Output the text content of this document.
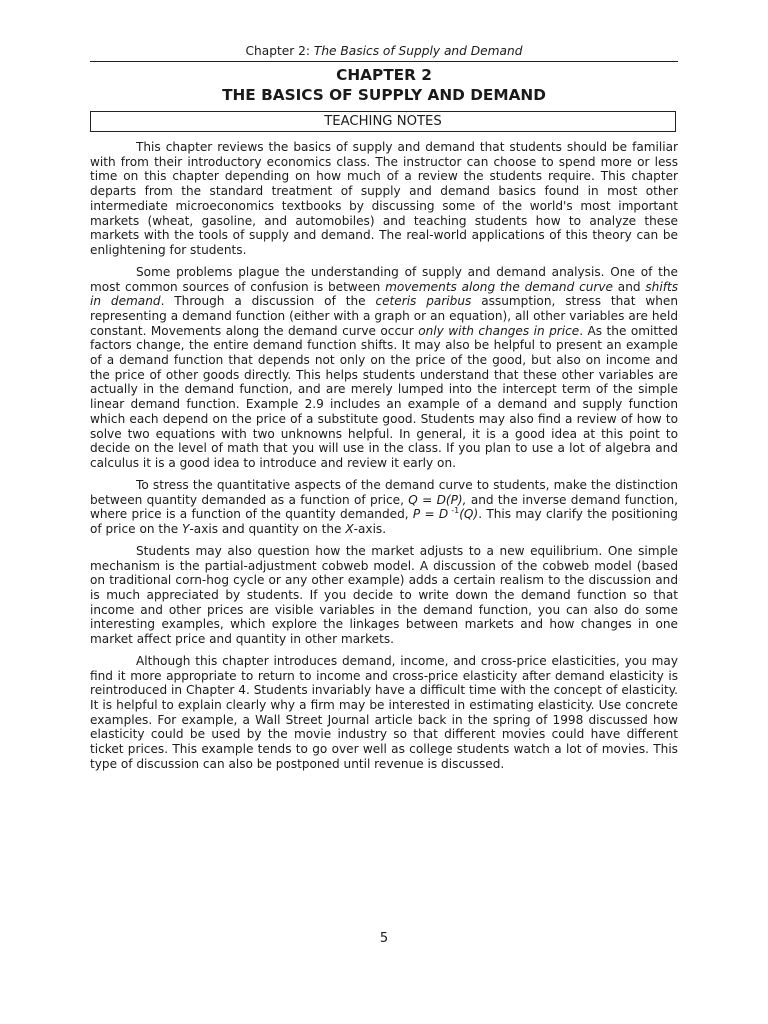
Chapter 2: The Basics of Supply and Demand
CHAPTER 2
THE BASICS OF SUPPLY AND DEMAND
TEACHING NOTES

This chapter reviews the basics of supply and demand that students should be familiar with from their introductory economics class. The instructor can choose to spend more or less time on this chapter depending on how much of a review the students require. This chapter departs from the standard treatment of supply and demand basics found in most other intermediate microeconomics textbooks by discussing some of the world's most important markets (wheat, gasoline, and automobiles) and teaching students how to analyze these markets with the tools of supply and demand. The real-world applications of this theory can be enlightening for students.

Some problems plague the understanding of supply and demand analysis. One of the most common sources of confusion is between movements along the demand curve and shifts in demand. Through a discussion of the ceteris paribus assumption, stress that when representing a demand function (either with a graph or an equation), all other variables are held constant. Movements along the demand curve occur only with changes in price. As the omitted factors change, the entire demand function shifts. It may also be helpful to present an example of a demand function that depends not only on the price of the good, but also on income and the price of other goods directly. This helps students understand that these other variables are actually in the demand function, and are merely lumped into the intercept term of the simple linear demand function. Example 2.9 includes an example of a demand and supply function which each depend on the price of a substitute good. Students may also find a review of how to solve two equations with two unknowns helpful. In general, it is a good idea at this point to decide on the level of math that you will use in the class. If you plan to use a lot of algebra and calculus it is a good idea to introduce and review it early on.

To stress the quantitative aspects of the demand curve to students, make the distinction between quantity demanded as a function of price, Q = D(P), and the inverse demand function, where price is a function of the quantity demanded, P = D $^{-1}$(Q). This may clarify the positioning of price on the Y-axis and quantity on the X-axis.

Students may also question how the market adjusts to a new equilibrium. One simple mechanism is the partial-adjustment cobweb model. A discussion of the cobweb model (based on traditional corn-hog cycle or any other example) adds a certain realism to the discussion and is much appreciated by students. If you decide to write down the demand function so that income and other prices are visible variables in the demand function, you can also do some interesting examples, which explore the linkages between markets and how changes in one market affect price and quantity in other markets.

Although this chapter introduces demand, income, and cross-price elasticities, you may find it more appropriate to return to income and cross-price elasticity after demand elasticity is reintroduced in Chapter 4. Students invariably have a difficult time with the concept of elasticity. It is helpful to explain clearly why a firm may be interested in estimating elasticity. Use concrete examples. For example, a Wall Street Journal article back in the spring of 1998 discussed how elasticity could be used by the movie industry so that different movies could have different ticket prices. This example tends to go over well as college students watch a lot of movies. This type of discussion can also be postponed until revenue is discussed.

5
